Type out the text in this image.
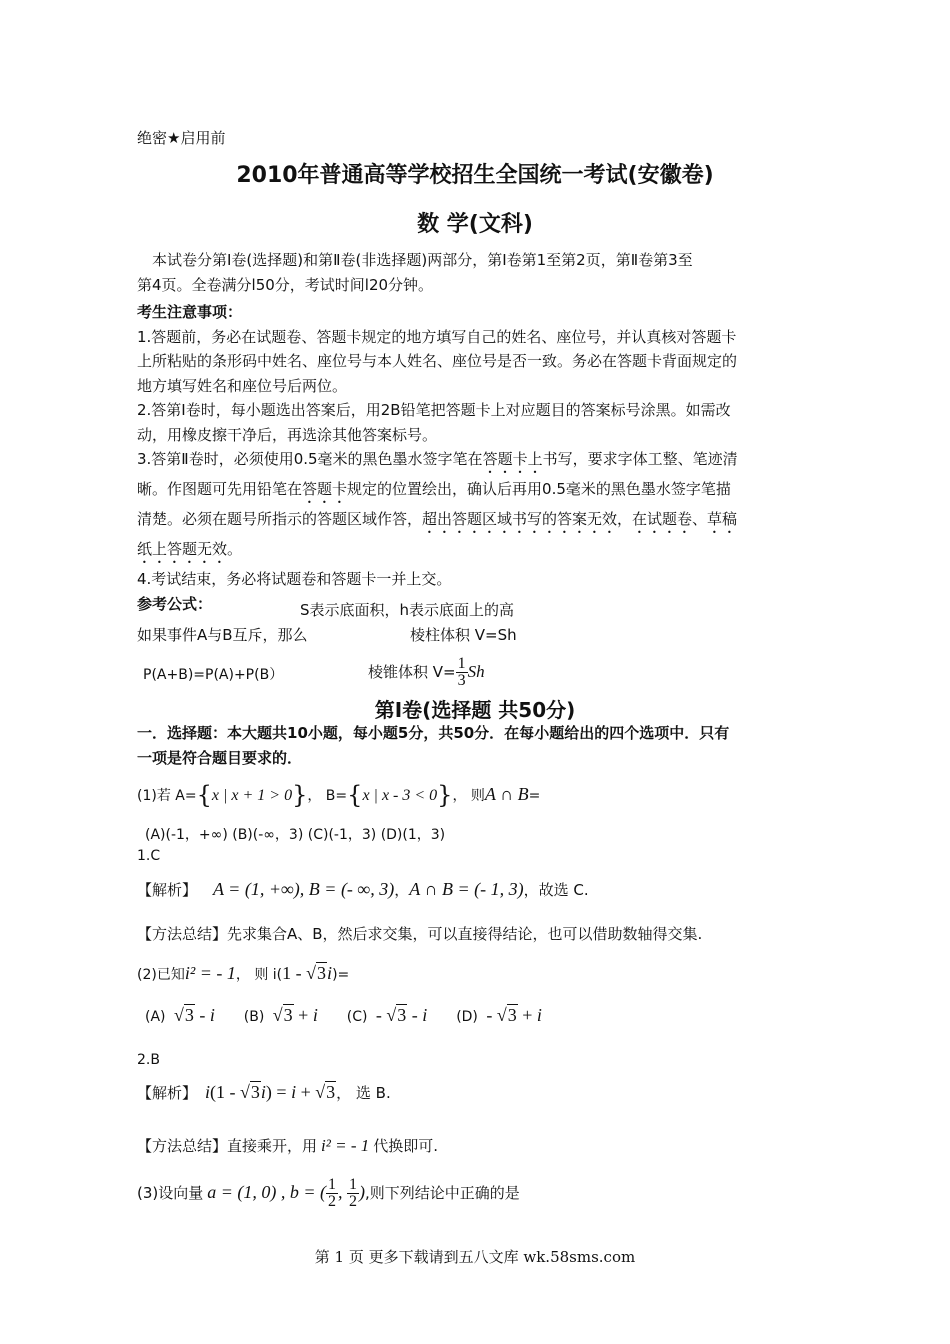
绝密★启用前
2010年普通高等学校招生全国统一考试(安徽卷)
数 学(文科)
本试卷分第Ⅰ卷(选择题)和第Ⅱ卷(非选择题)两部分，第Ⅰ卷第1至第2页，第Ⅱ卷第3至
第4页。全卷满分l50分，考试时间l20分钟。
考生注意事项：
1.答题前，务必在试题卷、答题卡规定的地方填写自己的姓名、座位号，并认真核对答题卡
上所粘贴的条形码中姓名、座位号与本人姓名、座位号是否一致。务必在答题卡背面规定的
地方填写姓名和座位号后两位。
2.答第Ⅰ卷时，每小题选出答案后，用2B铅笔把答题卡上对应题目的答案标号涂黑。如需改
动，用橡皮擦干净后，再选涂其他答案标号。
3.答第Ⅱ卷时，必须使用0.5毫米的黑色墨水签字笔在答题卡上书写，要求字体工整、笔迹清
晰。作图题可先用铅笔在答题卡规定的位置绘出，确认后再用0.5毫米的黑色墨水签字笔描
清楚。必须在题号所指示的答题区域作答，超出答题区域书写的答案无效，在试题卷、草稿
纸上答题无效。
4.考试结束，务必将试题卷和答题卡一并上交。
参考公式：	S表示底面积，h表示底面上的高
如果事件A与B互斥，那么	棱柱体积 V=Sh
P(A+B)=P(A)+P(B）	棱锥体积 $V= \frac{1}{3}$ Sh
第Ⅰ卷(选择题 共50分)
一．选择题：本大题共10小题，每小题5分，共50分．在每小题给出的四个选项中．只有
一项是符合题目要求的．
(1)若 A={x | x + 1 > 0}， B={x | x - 3 < 0}， 则A ∩ B=
(A)(-1，+∞) (B)(-∞，3) (C)(-1，3) (D)(1，3)
1.C
【解析】 A = (1, +∞), B = (- ∞, 3)，A ∩ B = (- 1, 3)，故选 C.
【方法总结】先求集合A、B，然后求交集，可以直接得结论，也可以借助数轴得交集.
(2)已知i² = - 1， 则 i(1 - √3i)=
(A) √3 - i (B) √3 + i (C) - √3 - i (D) - √3 + i
2.B
【解析】 i(1 - √3i) = i + √3， 选 B.
【方法总结】直接乘开，用 i² = - 1 代换即可.
(3)设向量 a = (1, 0) , b = ( $\frac{1}{2}$ , $\frac{1}{2}$ ),则下列结论中正确的是
第 1 页 更多下载请到五八文库 wk.58sms.com
